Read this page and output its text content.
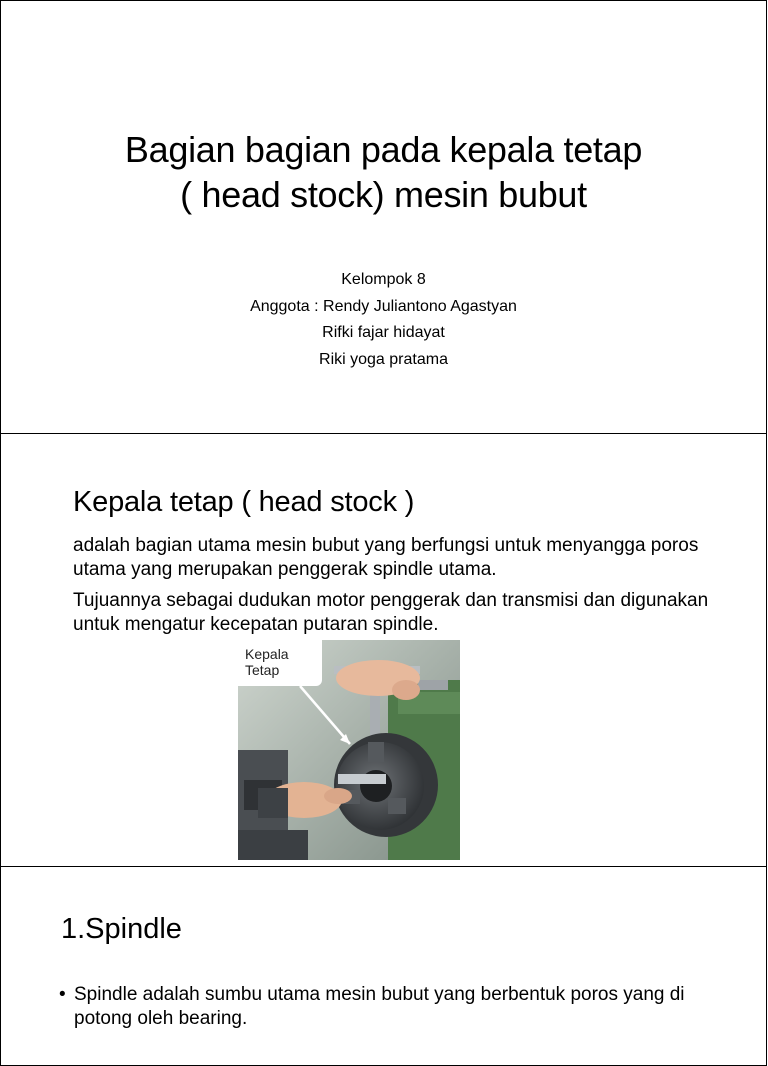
Bagian bagian pada kepala tetap
( head stock) mesin bubut
Kelompok 8
Anggota : Rendy Juliantono Agastyan
Rifki fajar hidayat
Riki yoga pratama
Kepala tetap ( head stock )

adalah bagian utama mesin bubut yang berfungsi untuk menyangga poros utama yang merupakan penggerak spindle utama.

Tujuannya sebagai dudukan motor penggerak dan transmisi dan digunakan untuk mengatur kecepatan putaran spindle.

Kepala
Tetap
1.Spindle
• Spindle adalah sumbu utama mesin bubut yang berbentuk poros yang di potong oleh bearing.
